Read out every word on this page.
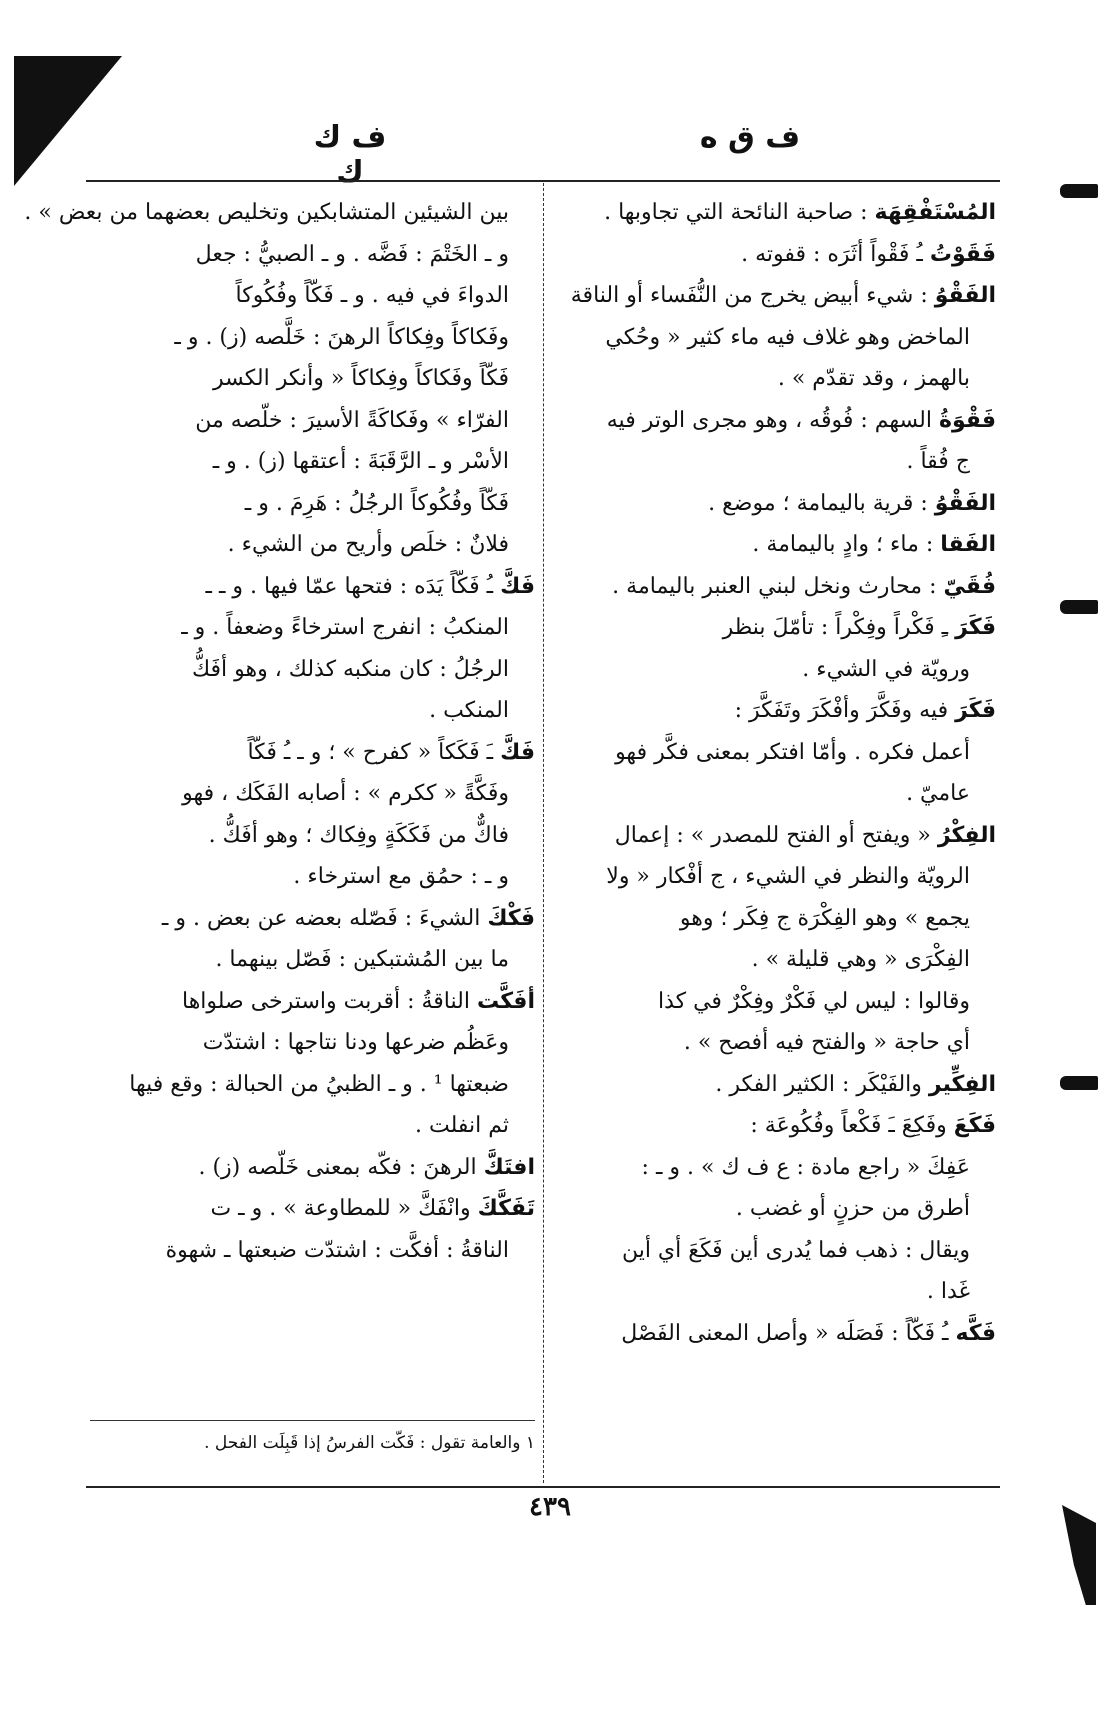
ف ق ه
ف ك ك
المُسْتَفْقِهَة : صاحبة النائحة التي تجاوبها .
فَقَوْتُ ـُ فَقْواً أثَرَه : قفوته .
الفَقْوُ : شيء أبيض يخرج من النُّفَساء أو الناقة
الماخض وهو غلاف فيه ماء كثير « وحُكي
بالهمز ، وقد تقدّم » .
فَقْوَةُ السهم : فُوقُه ، وهو مجرى الوتر فيه
ج فُقاً .
الفَقْوُ : قرية باليمامة ؛ موضع .
الفَقا : ماء ؛ وادٍ باليمامة .
فُقَيّ : محارث ونخل لبني العنبر باليمامة .
فَكَرَ ـِ فَكْراً وفِكْراً : تأمّلَ بنظر
ورويّة في الشيء .
فَكَرَ فيه وفَكَّرَ وأفْكَرَ وتَفَكَّرَ :
أعمل فكره . وأمّا افتكر بمعنى فكَّر فهو
عاميّ .
الفِكْرُ « ويفتح أو الفتح للمصدر » : إعمال
الرويّة والنظر في الشيء ، ج أفْكار « ولا
يجمع » وهو الفِكْرَة ج فِكَر ؛ وهو
الفِكْرَى « وهي قليلة » .
وقالوا : ليس لي فَكْرٌ وفِكْرٌ في كذا
أي حاجة « والفتح فيه أفصح » .
الفِكِّير والفَيْكَر : الكثير الفكر .
فَكَعَ وفَكِعَ ـَ فَكْعاً وفُكُوعَة :
عَفِكَ « راجع مادة : ع ف ك » . و ـ :
أطرق من حزنٍ أو غضب .
ويقال : ذهب فما يُدرى أين فَكَعَ أي أين
غَدا .
فَكَّه ـُ فَكّاً : فَصَلَه « وأصل المعنى الفَصْل
بين الشيئين المتشابكين وتخليص بعضهما من بعض » .
و ـ الخَتْمَ : فَضَّه . و ـ الصبيُّ : جعل
الدواءَ في فيه . و ـ فَكّاً وفُكُوكاً
وفَكاكاً وفِكاكاً الرهنَ : خَلَّصه (ز) . و ـ
فَكّاً وفَكاكاً وفِكاكاً « وأنكر الكسر
الفرّاء » وفَكاكَةً الأسيرَ : خلّصه من
الأسْر و ـ الرَّقَبَةَ : أعتقها (ز) . و ـ
فَكّاً وفُكُوكاً الرجُلُ : هَرِمَ . و ـ
فلانٌ : خلَص وأريح من الشيء .
فَكَّ ـُ فَكّاً يَدَه : فتحها عمّا فيها . و ـ ـ
المنكبُ : انفرج استرخاءً وضعفاً . و ـ
الرجُلُ : كان منكبه كذلك ، وهو أفَكُّ
المنكب .
فَكَّ ـَ فَكَكاً « كفرح » ؛ و ـ ـُ فَكّاً
وفَكَّةً « ككرم » : أصابه الفَكَك ، فهو
فاكٌّ من فَكَكَةٍ وفِكاك ؛ وهو أفَكُّ .
و ـ : حمُق مع استرخاء .
فَكْكَ الشيءَ : فَصّله بعضه عن بعض . و ـ
ما بين المُشتبكين : فَصّل بينهما .
أفَكَّت الناقةُ : أقربت واسترخى صلواها
وعَظُم ضرعها ودنا نتاجها : اشتدّت
ضبعتها ¹ . و ـ الظبيُ من الحبالة : وقع فيها
ثم انفلت .
افتَكَّ الرهنَ : فكّه بمعنى خَلّصه (ز) .
تَفَكَّكَ وانْفَكَّ « للمطاوعة » . و ـ ت
الناقةُ : أفكَّت : اشتدّت ضبعتها ـ شهوة
١ والعامة تقول : فَكّت الفرسُ إذا قَبِلَت الفحل .
٤٣٩
